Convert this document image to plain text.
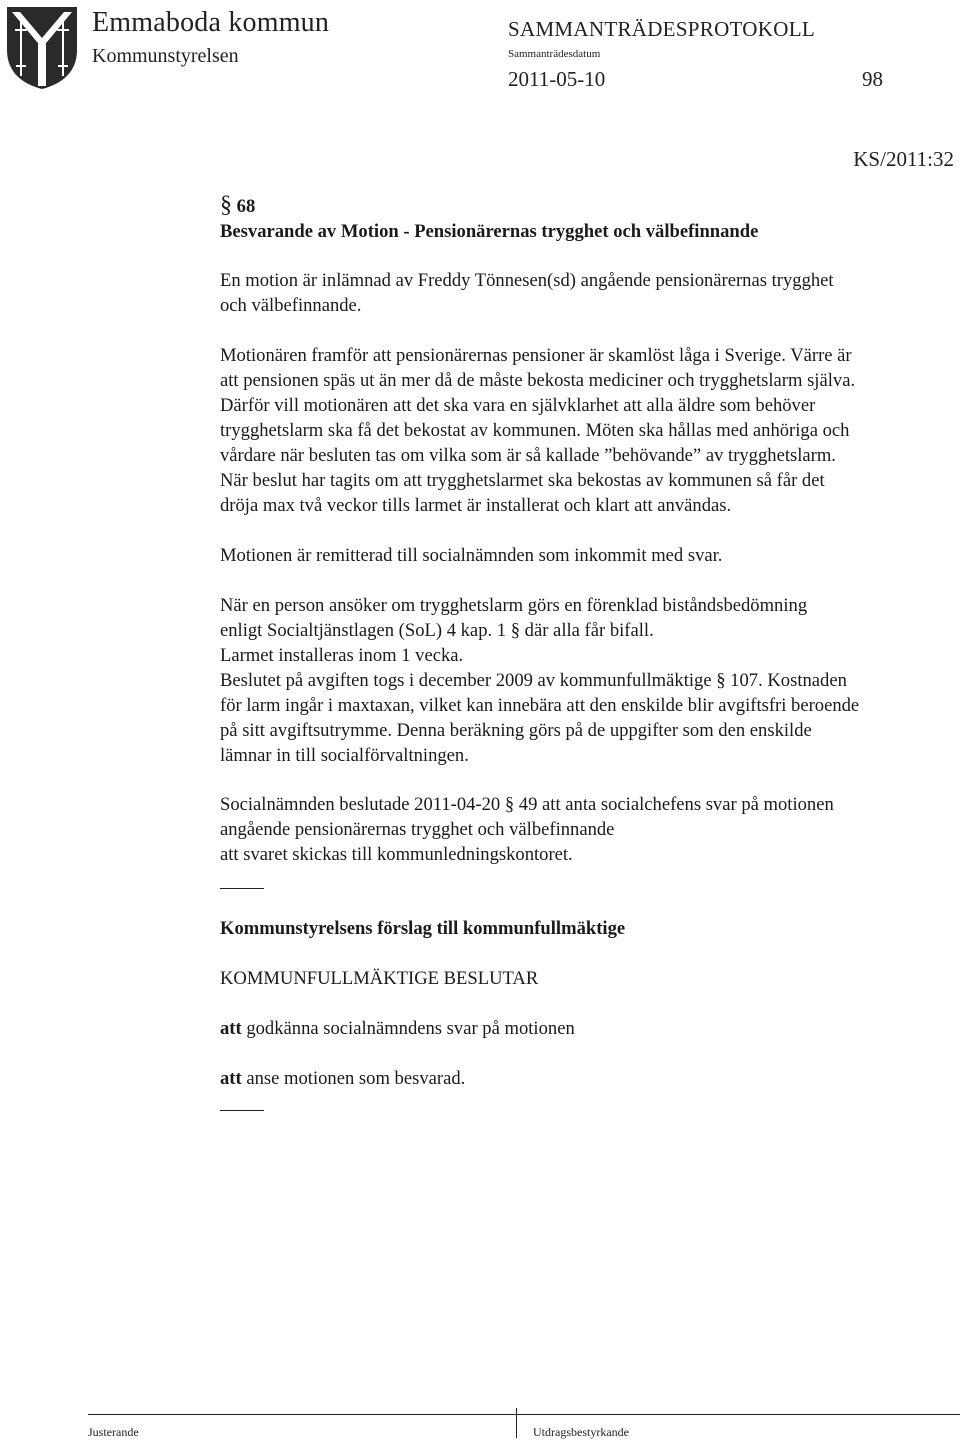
Emmaboda kommun
Kommunstyrelsen
SAMMANTRÄDESPROTOKOLL
Sammanträdesdatum
2011-05-10	98
KS/2011:32
§ 68
Besvarande av Motion - Pensionärernas trygghet och välbefinnande
En motion är inlämnad av Freddy Tönnesen(sd) angående pensionärernas trygghet
och välbefinnande.
Motionären framför att pensionärernas pensioner är skamlöst låga i Sverige. Värre är
att pensionen späs ut än mer då de måste bekosta mediciner och trygghetslarm själva.
Därför vill motionären att det ska vara en självklarhet att alla äldre som behöver
trygghetslarm ska få det bekostat av kommunen. Möten ska hållas med anhöriga och
vårdare när besluten tas om vilka som är så kallade ”behövande” av trygghetslarm.
När beslut har tagits om att trygghetslarmet ska bekostas av kommunen så får det
dröja max två veckor tills larmet är installerat och klart att användas.
Motionen är remitterad till socialnämnden som inkommit med svar.
När en person ansöker om trygghetslarm görs en förenklad biståndsbedömning
enligt Socialtjänstlagen (SoL) 4 kap. 1 § där alla får bifall.
Larmet installeras inom 1 vecka.
Beslutet på avgiften togs i december 2009 av kommunfullmäktige § 107. Kostnaden
för larm ingår i maxtaxan, vilket kan innebära att den enskilde blir avgiftsfri beroende
på sitt avgiftsutrymme. Denna beräkning görs på de uppgifter som den enskilde
lämnar in till socialförvaltningen.
Socialnämnden beslutade 2011-04-20 § 49 att anta socialchefens svar på motionen
angående pensionärernas trygghet och välbefinnande
att svaret skickas till kommunledningskontoret.
Kommunstyrelsens förslag till kommunfullmäktige
KOMMUNFULLMÄKTIGE BESLUTAR
att godkänna socialnämndens svar på motionen
att anse motionen som besvarad.
Justerande	Utdragsbestyrkande
